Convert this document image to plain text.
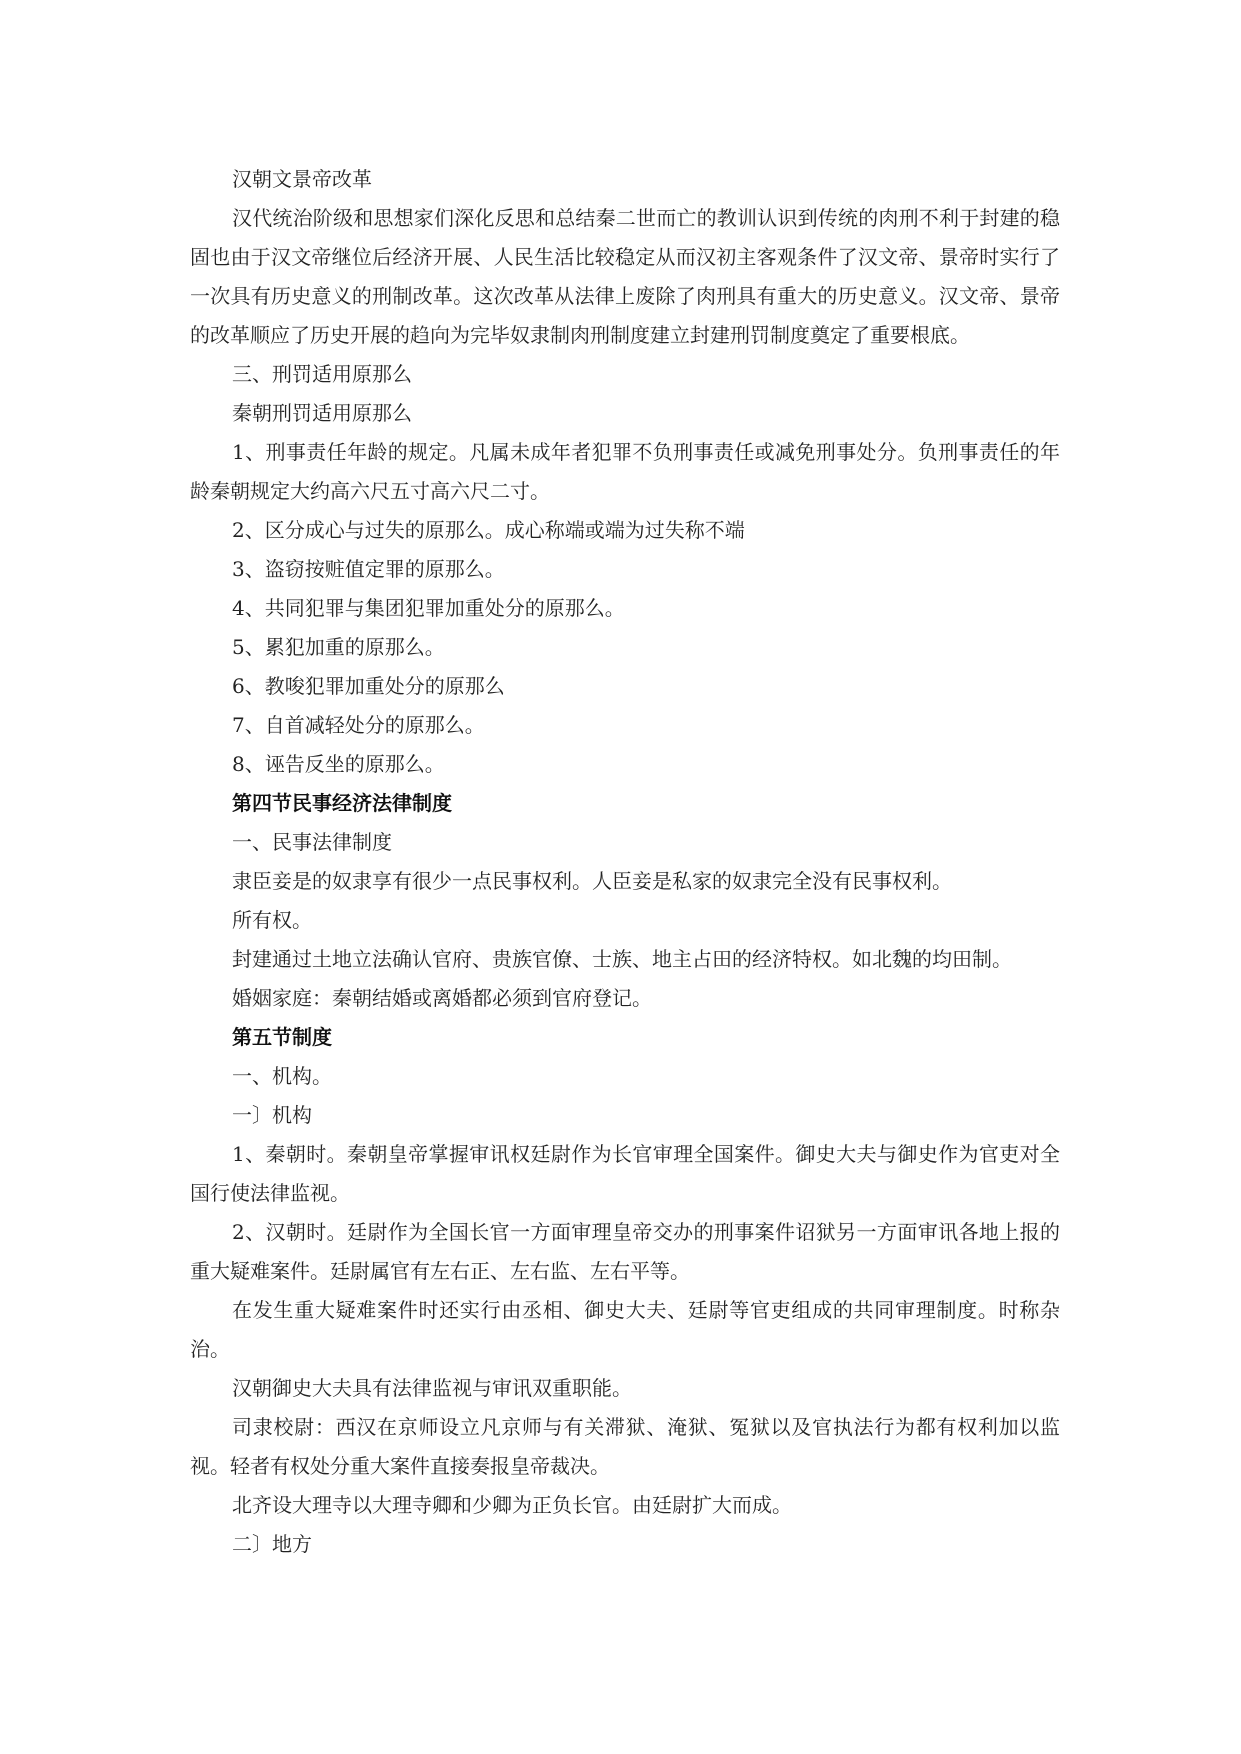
汉朝文景帝改革

汉代统治阶级和思想家们深化反思和总结秦二世而亡的教训认识到传统的肉刑不利于封建的稳固也由于汉文帝继位后经济开展、人民生活比较稳定从而汉初主客观条件了汉文帝、景帝时实行了一次具有历史意义的刑制改革。这次改革从法律上废除了肉刑具有重大的历史意义。汉文帝、景帝的改革顺应了历史开展的趋向为完毕奴隶制肉刑制度建立封建刑罚制度奠定了重要根底。

三、刑罚适用原那么

秦朝刑罚适用原那么

1、刑事责任年龄的规定。凡属未成年者犯罪不负刑事责任或减免刑事处分。负刑事责任的年龄秦朝规定大约高六尺五寸高六尺二寸。

2、区分成心与过失的原那么。成心称端或端为过失称不端

3、盗窃按赃值定罪的原那么。

4、共同犯罪与集团犯罪加重处分的原那么。

5、累犯加重的原那么。

6、教唆犯罪加重处分的原那么

7、自首减轻处分的原那么。

8、诬告反坐的原那么。

第四节民事经济法律制度

一、民事法律制度

隶臣妾是的奴隶享有很少一点民事权利。人臣妾是私家的奴隶完全没有民事权利。

所有权。

封建通过土地立法确认官府、贵族官僚、士族、地主占田的经济特权。如北魏的均田制。

婚姻家庭：秦朝结婚或离婚都必须到官府登记。

第五节制度

一、机构。

一〕机构

1、秦朝时。秦朝皇帝掌握审讯权廷尉作为长官审理全国案件。御史大夫与御史作为官吏对全国行使法律监视。

2、汉朝时。廷尉作为全国长官一方面审理皇帝交办的刑事案件诏狱另一方面审讯各地上报的重大疑难案件。廷尉属官有左右正、左右监、左右平等。

在发生重大疑难案件时还实行由丞相、御史大夫、廷尉等官吏组成的共同审理制度。时称杂治。

汉朝御史大夫具有法律监视与审讯双重职能。

司隶校尉：西汉在京师设立凡京师与有关滞狱、淹狱、冤狱以及官执法行为都有权利加以监视。轻者有权处分重大案件直接奏报皇帝裁决。

北齐设大理寺以大理寺卿和少卿为正负长官。由廷尉扩大而成。

二〕地方
